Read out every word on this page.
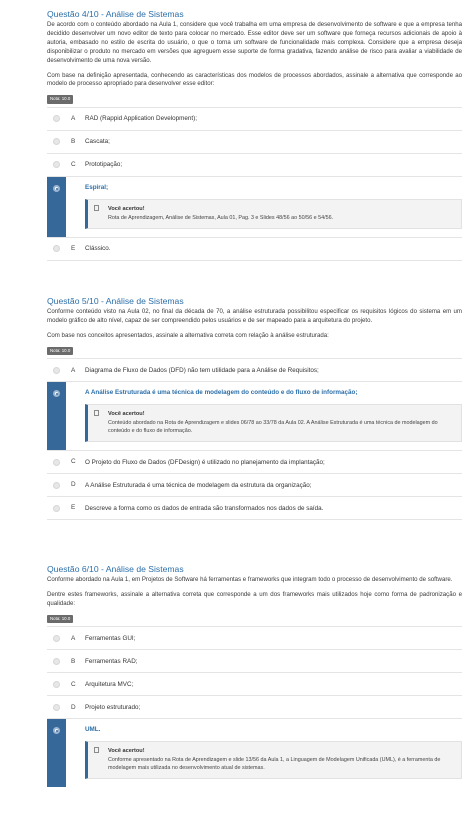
Questão 4/10 - Análise de Sistemas

De acordo com o conteúdo abordado na Aula 1, considere que você trabalha em uma empresa de desenvolvimento de software e que a empresa tenha decidido desenvolver um novo editor de texto para colocar no mercado. Esse editor deve ser um software que forneça recursos adicionais de apoio à autoria, embasado no estilo de escrita do usuário, o que o torna um software de funcionalidade mais complexa. Considere que a empresa deseja disponibilizar o produto no mercado em versões que agreguem esse suporte de forma gradativa, fazendo análise de risco para avaliar a viabilidade de desenvolvimento de uma nova versão.

Com base na definição apresentada, conhecendo as características dos modelos de processos abordados, assinale a alternativa que corresponde ao modelo de processo apropriado para desenvolver esse editor:

Nota: 10.0
A RAD (Rappid Application Development);
B Cascata;
C Prototipação;
D Espiral;
Você acertou!
Rota de Aprendizagem, Análise de Sistemas, Aula 01, Pag. 3 e Slides 48/56 ao 50/56 e 54/56.
E Clássico.
Questão 5/10 - Análise de Sistemas

Conforme conteúdo visto na Aula 02, no final da década de 70, a análise estruturada possibilitou especificar os requisitos lógicos do sistema em um modelo gráfico de alto nível, capaz de ser compreendido pelos usuários e de ser mapeado para a arquitetura do projeto.

Com base nos conceitos apresentados, assinale a alternativa correta com relação à análise estruturada:

Nota: 10.0
A Diagrama de Fluxo de Dados (DFD) não tem utilidade para a Análise de Requisitos;
B A Análise Estruturada é uma técnica de modelagem do conteúdo e do fluxo de informação;
Você acertou!
Conteúdo abordado na Rota de Aprendizagem e slides 06/78 ao 33/78 da Aula 02. A Análise Estruturada é uma técnica de modelagem do conteúdo e do fluxo de informação.
C O Projeto do Fluxo de Dados (DFDesign) é utilizado no planejamento da implantação;
D A Análise Estruturada é uma técnica de modelagem da estrutura da organização;
E Descreve a forma como os dados de entrada são transformados nos dados de saída.
Questão 6/10 - Análise de Sistemas

Conforme abordado na Aula 1, em Projetos de Software há ferramentas e frameworks que integram todo o processo de desenvolvimento de software.

Dentre estes frameworks, assinale a alternativa correta que corresponde a um dos frameworks mais utilizados hoje como forma de padronização e qualidade:

Nota: 10.0
A Ferramentas GUI;
B Ferramentas RAD;
C Arquitetura MVC;
D Projeto estruturado;
E UML.
Você acertou!
Conforme apresentado na Rota de Aprendizagem e slide 13/56 da Aula 1, a Linguagem de Modelagem Unificada (UML), é a ferramenta de modelagem mais utilizada no desenvolvimento atual de sistemas.
